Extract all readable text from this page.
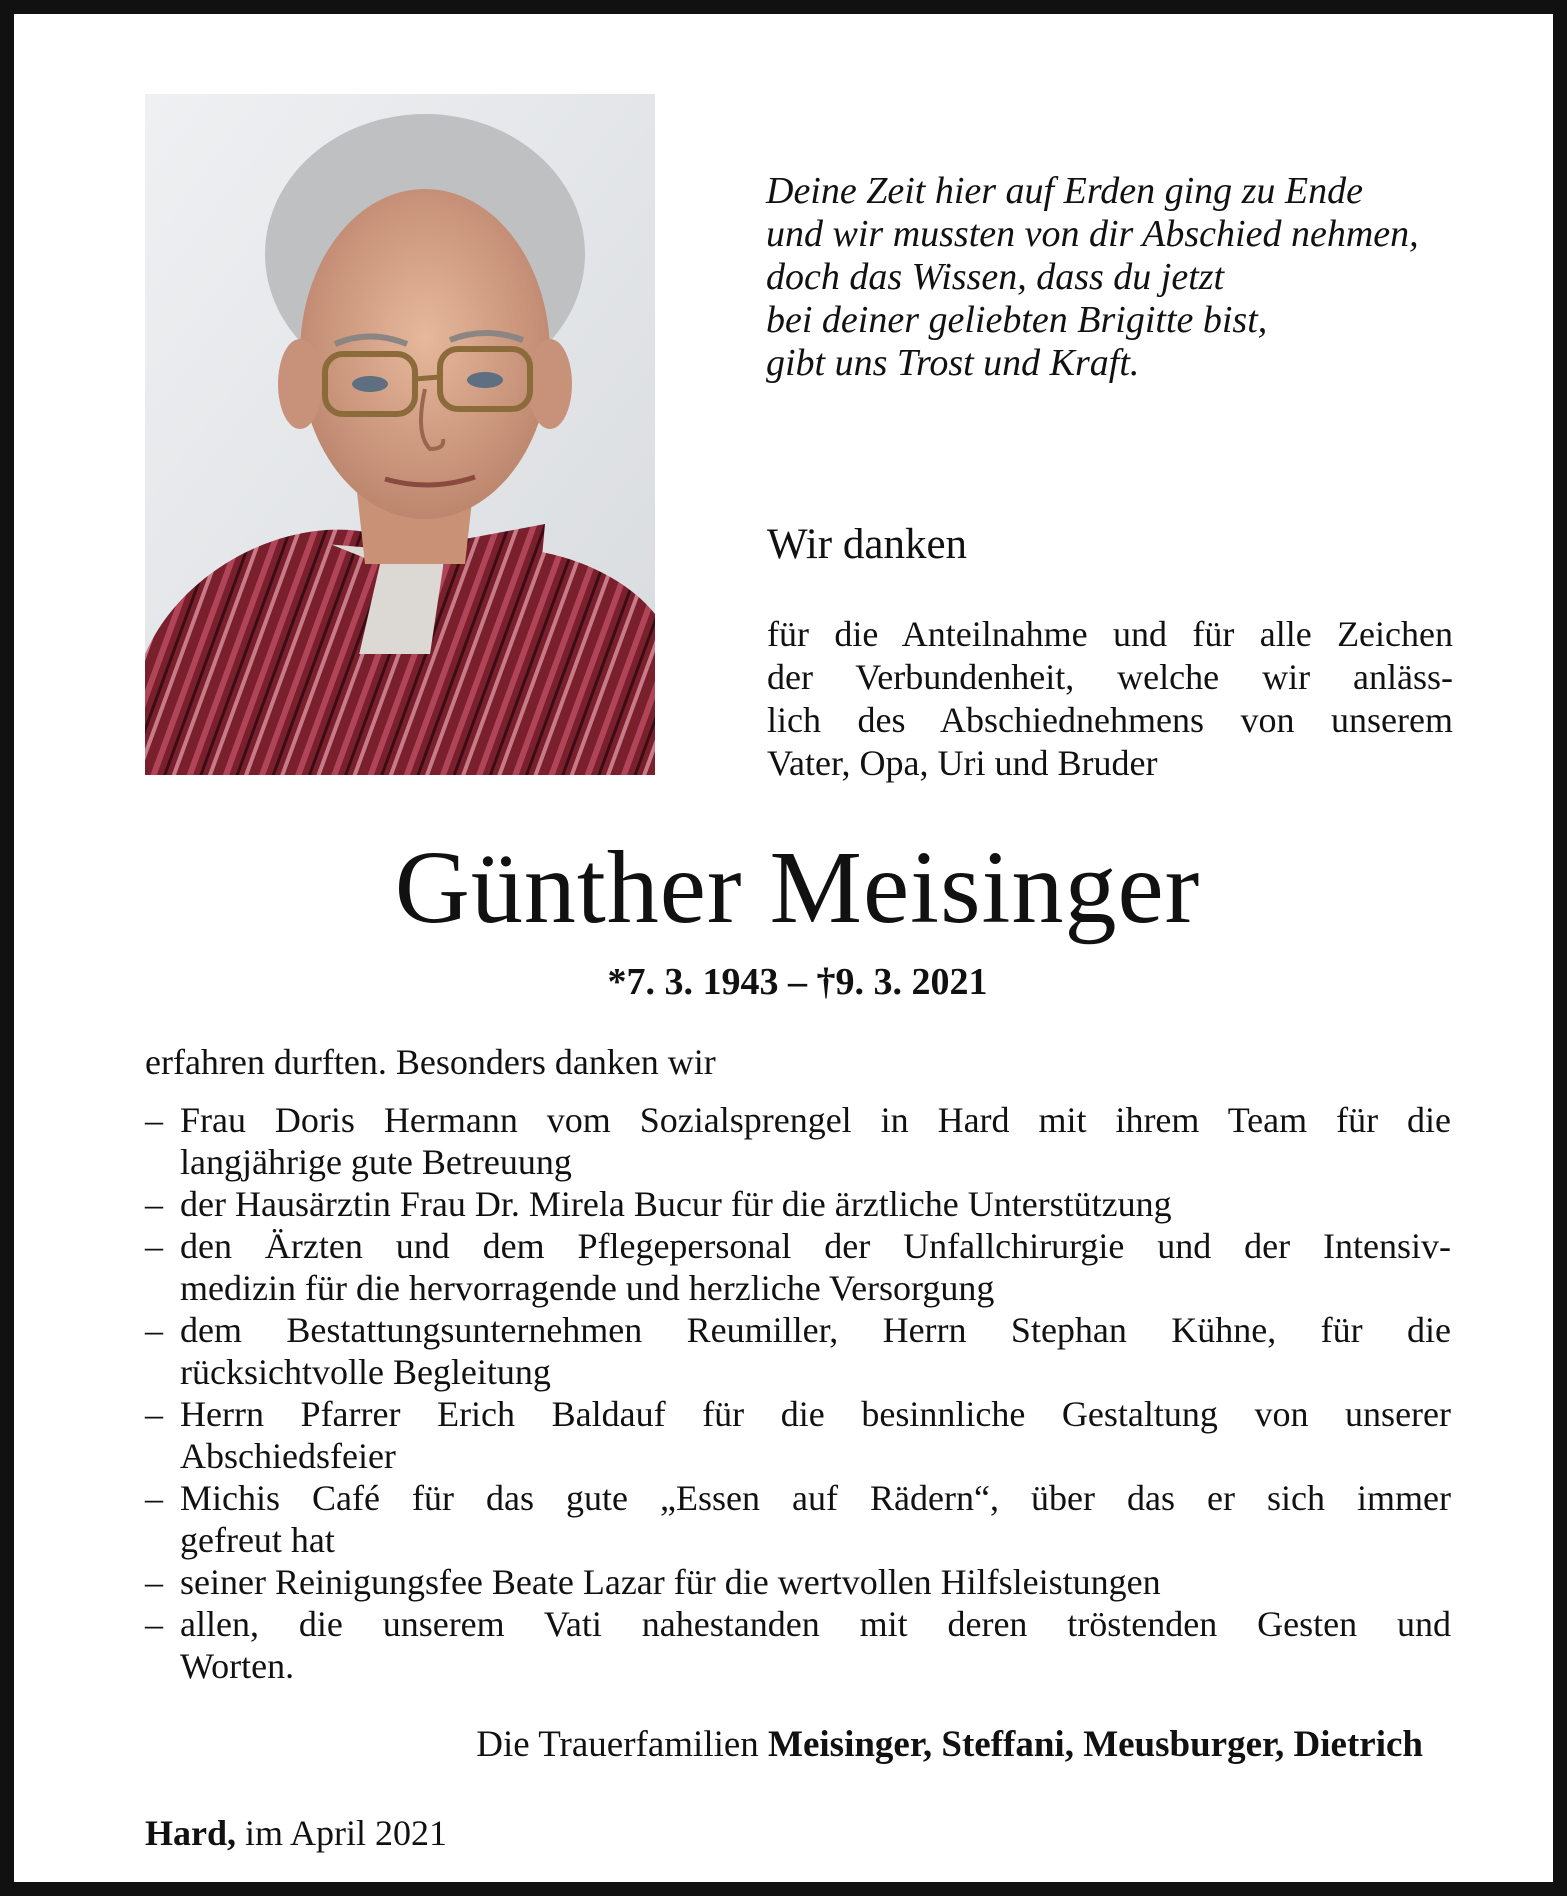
Deine Zeit hier auf Erden ging zu Ende
und wir mussten von dir Abschied nehmen,
doch das Wissen, dass du jetzt
bei deiner geliebten Brigitte bist,
gibt uns Trost und Kraft.
Wir danken
für die Anteilnahme und für alle Zeichen
der Verbundenheit, welche wir anläss-
lich des Abschiednehmens von unserem
Vater, Opa, Uri und Bruder
Günther Meisinger
*7. 3. 1943 – †9. 3. 2021
erfahren durften. Besonders danken wir
– Frau Doris Hermann vom Sozialsprengel in Hard mit ihrem Team für die
langjährige gute Betreuung
– der Hausärztin Frau Dr. Mirela Bucur für die ärztliche Unterstützung
– den Ärzten und dem Pflegepersonal der Unfallchirurgie und der Intensiv-
medizin für die hervorragende und herzliche Versorgung
– dem Bestattungsunternehmen Reumiller, Herrn Stephan Kühne, für die
rücksichtvolle Begleitung
– Herrn Pfarrer Erich Baldauf für die besinnliche Gestaltung von unserer
Abschiedsfeier
– Michis Café für das gute „Essen auf Rädern“, über das er sich immer
gefreut hat
– seiner Reinigungsfee Beate Lazar für die wertvollen Hilfsleistungen
– allen, die unserem Vati nahestanden mit deren tröstenden Gesten und
Worten.
Die Trauerfamilien Meisinger, Steffani, Meusburger, Dietrich
Hard, im April 2021
